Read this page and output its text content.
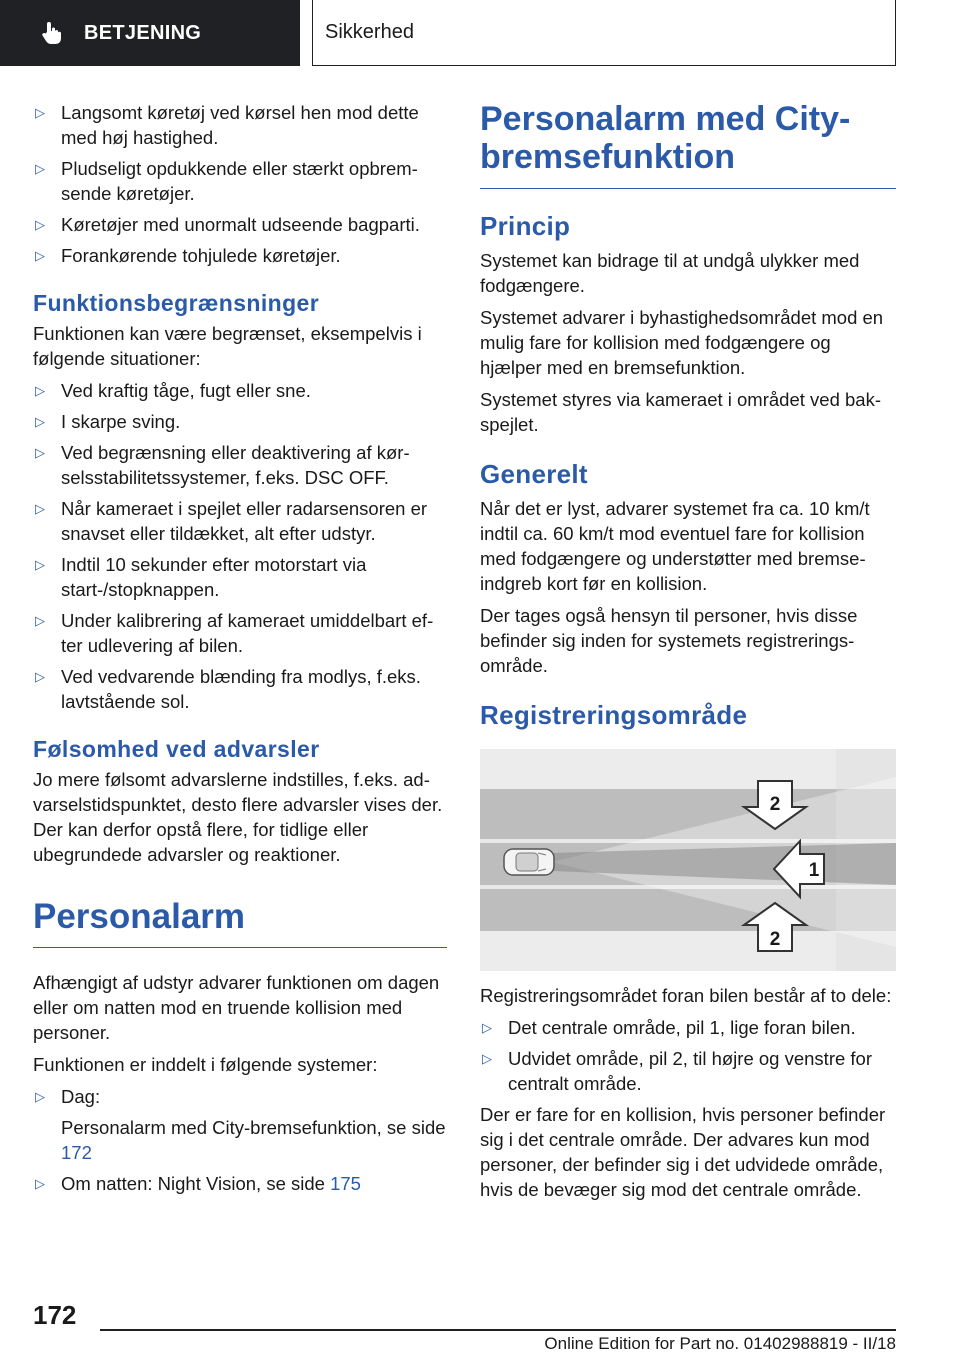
BETJENING	Sikkerhed
▷ Langsomt køretøj ved kørsel hen mod dette med høj hastighed.
▷ Pludseligt opdukkende eller stærkt opbremsende køretøjer.
▷ Køretøjer med unormalt udseende bagparti.
▷ Forankørende tohjulede køretøjer.
Funktionsbegrænsninger

Funktionen kan være begrænset, eksempelvis i følgende situationer:

▷ Ved kraftig tåge, fugt eller sne.
▷ I skarpe sving.
▷ Ved begrænsning eller deaktivering af kørselsstabilitetssystemer, f.eks. DSC OFF.
▷ Når kameraet i spejlet eller radarsensoren er snavset eller tildækket, alt efter udstyr.
▷ Indtil 10 sekunder efter motorstart via start-/stopknappen.
▷ Under kalibrering af kameraet umiddelbart efter udlevering af bilen.
▷ Ved vedvarende blænding fra modlys, f.eks. lavtstående sol.
Følsomhed ved advarsler

Jo mere følsomt advarslerne indstilles, f.eks. advarselstidspunktet, desto flere advarsler vises der. Der kan derfor opstå flere, for tidlige eller ubegrundede advarsler og reaktioner.

Personalarm

Afhængigt af udstyr advarer funktionen om dagen eller om natten mod en truende kollision med personer.

Funktionen er inddelt i følgende systemer:

▷ Dag:
Personalarm med City-bremsefunktion, se side 172
▷ Om natten: Night Vision, se side 175
Personalarm med City-bremsefunktion
Princip

Systemet kan bidrage til at undgå ulykker med fodgængere.

Systemet advarer i byhastighedsområdet mod en mulig fare for kollision med fodgængere og hjælper med en bremsefunktion.

Systemet styres via kameraet i området ved bakspejlet.

Generelt

Når det er lyst, advarer systemet fra ca. 10 km/t indtil ca. 60 km/t mod eventuel fare for kollision med fodgængere og understøtter med bremseindgreb kort før en kollision.

Der tages også hensyn til personer, hvis disse befinder sig inden for systemets registreringsområde.

Registreringsområde
2
1
2

Registreringsområdet foran bilen består af to dele:

▷ Det centrale område, pil 1, lige foran bilen.
▷ Udvidet område, pil 2, til højre og venstre for centralt område.

Der er fare for en kollision, hvis personer befinder sig i det centrale område. Der advares kun mod personer, der befinder sig i det udvidede område, hvis de bevæger sig mod det centrale område.

172
Online Edition for Part no. 01402988819 - II/18
